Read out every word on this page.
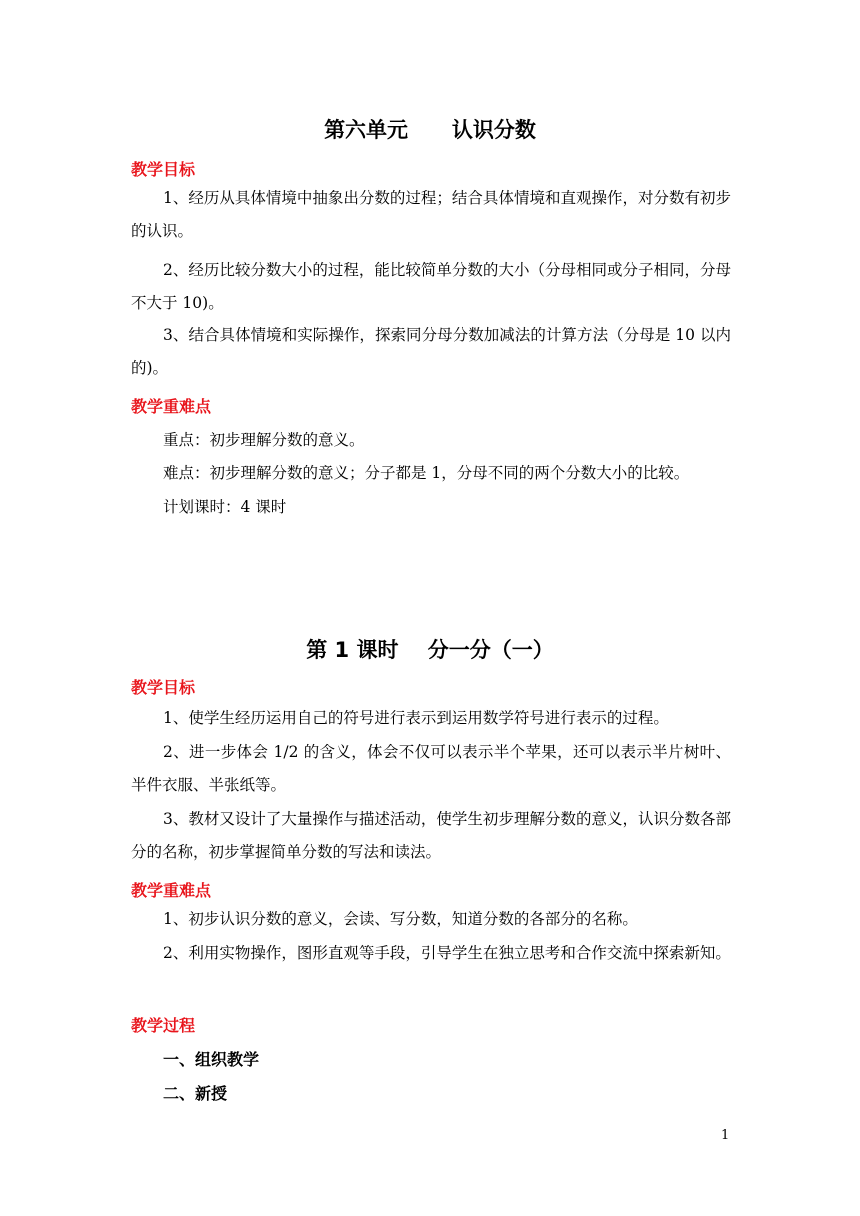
第六单元      认识分数
教学目标
1、经历从具体情境中抽象出分数的过程；结合具体情境和直观操作，对分数有初步的认识。
2、经历比较分数大小的过程，能比较简单分数的大小（分母相同或分子相同，分母不大于 10)。
3、结合具体情境和实际操作，探索同分母分数加减法的计算方法（分母是 10 以内的)。
教学重难点
重点：初步理解分数的意义。
难点：初步理解分数的意义；分子都是 1，分母不同的两个分数大小的比较。
计划课时：4 课时
第 1 课时    分一分（一）
教学目标
1、使学生经历运用自己的符号进行表示到运用数学符号进行表示的过程。
2、进一步体会 1/2 的含义，体会不仅可以表示半个苹果，还可以表示半片树叶、半件衣服、半张纸等。
3、教材又设计了大量操作与描述活动，使学生初步理解分数的意义，认识分数各部分的名称，初步掌握简单分数的写法和读法。
教学重难点
1、初步认识分数的意义，会读、写分数，知道分数的各部分的名称。
2、利用实物操作，图形直观等手段，引导学生在独立思考和合作交流中探索新知。
教学过程
一、组织教学
二、新授
1
